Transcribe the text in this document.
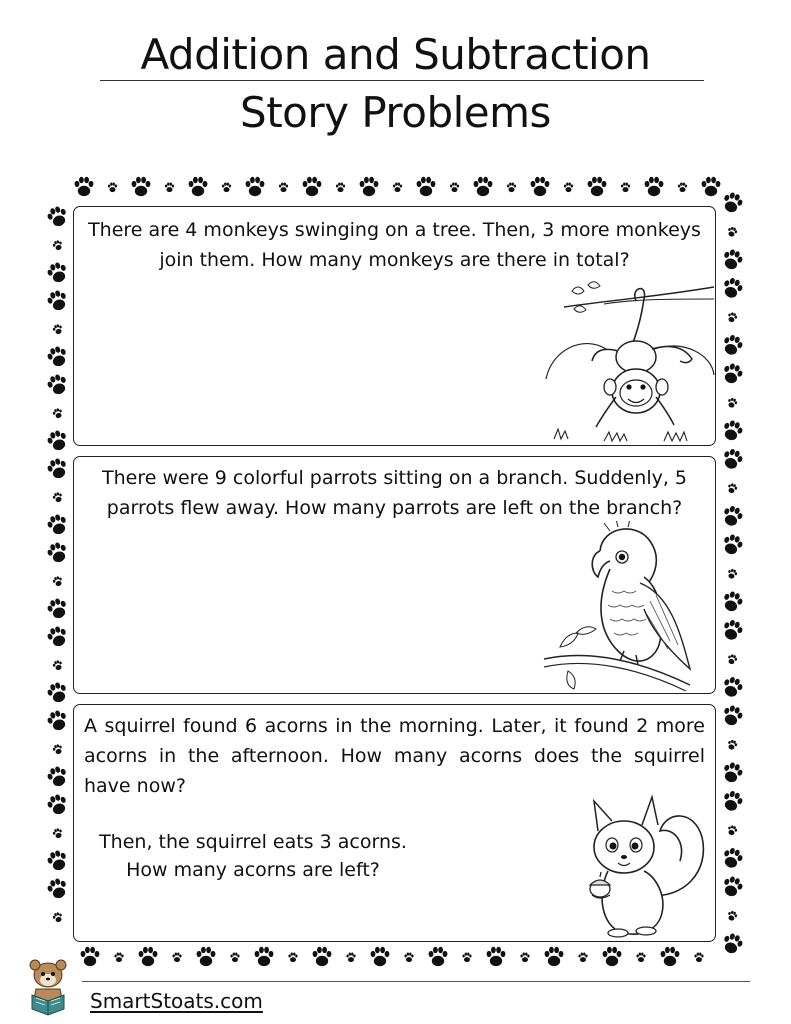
Addition and Subtraction
Story Problems
There are 4 monkeys swinging on a tree. Then, 3 more monkeys join them. How many monkeys are there in total?
There were 9 colorful parrots sitting on a branch. Suddenly, 5 parrots flew away. How many parrots are left on the branch?
A squirrel found 6 acorns in the morning. Later, it found 2 more acorns in the afternoon. How many acorns does the squirrel have now?
Then, the squirrel eats 3 acorns.
How many acorns are left?
SmartStoats.com
